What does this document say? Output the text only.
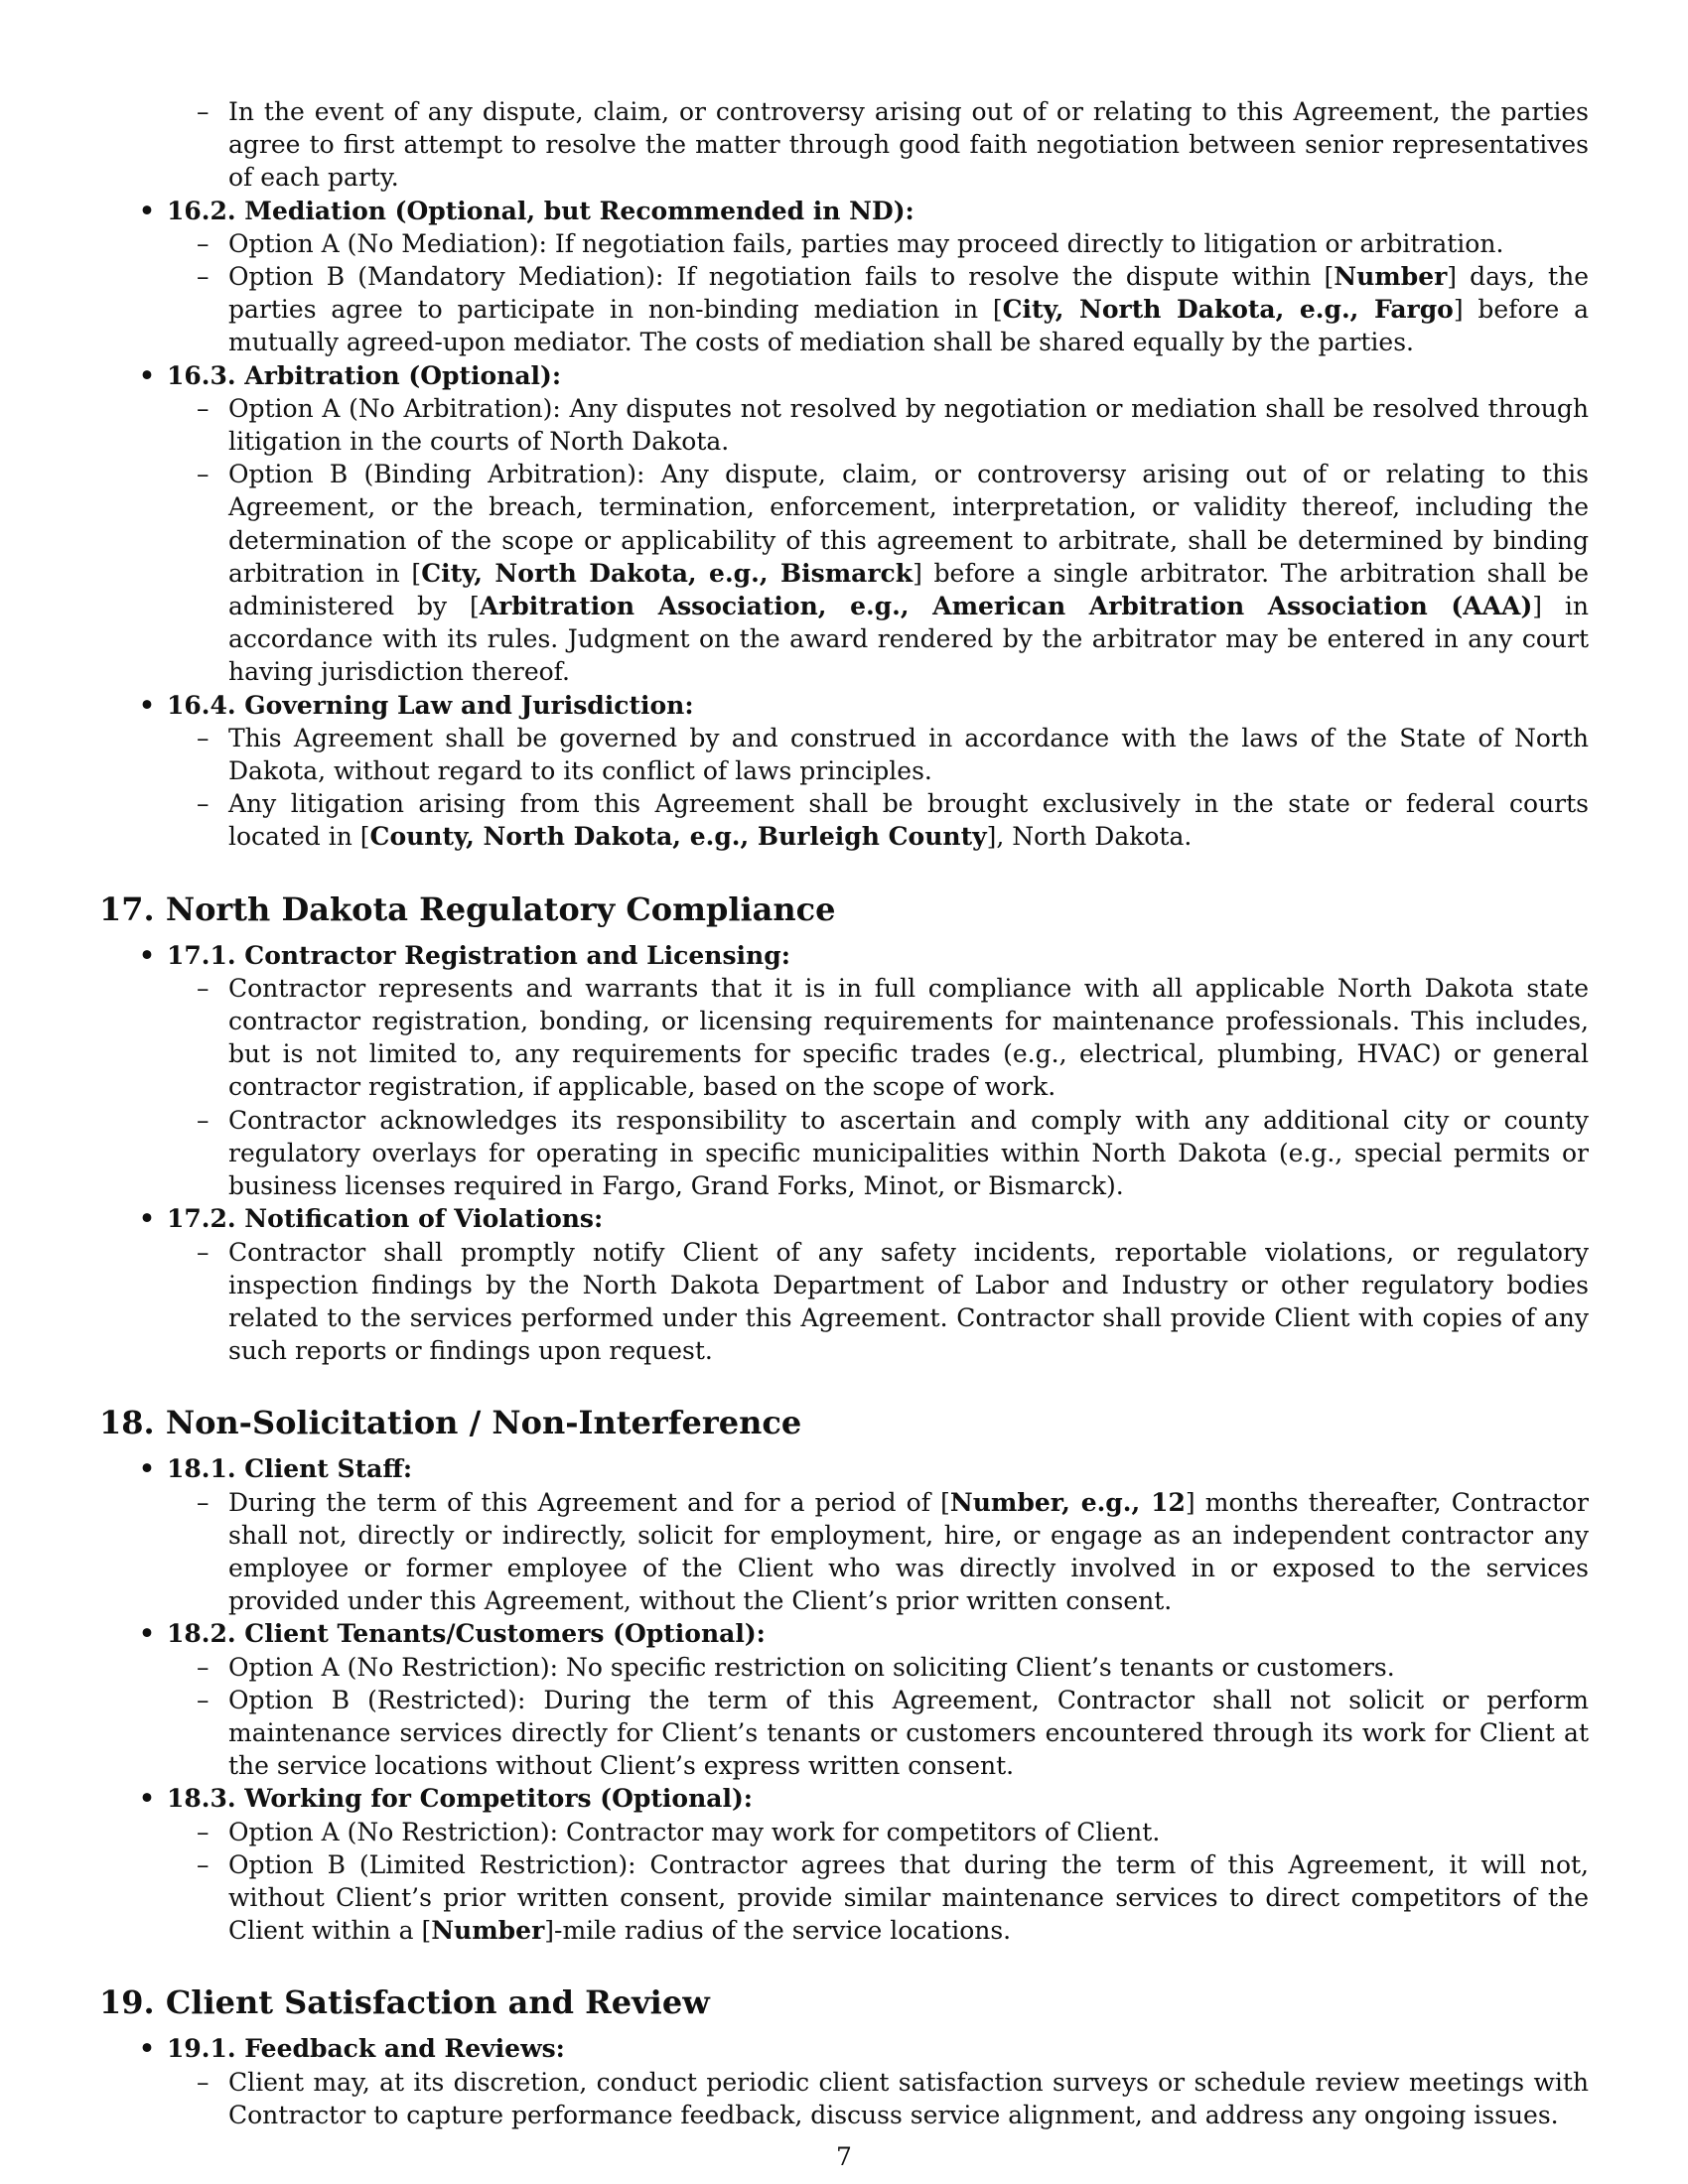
– In the event of any dispute, claim, or controversy arising out of or relating to this Agreement, the parties agree to first attempt to resolve the matter through good faith negotiation between senior representatives of each party.
• 16.2. Mediation (Optional, but Recommended in ND):
– Option A (No Mediation): If negotiation fails, parties may proceed directly to litigation or arbitration.
– Option B (Mandatory Mediation): If negotiation fails to resolve the dispute within [Number] days, the parties agree to participate in non-binding mediation in [City, North Dakota, e.g., Fargo] before a mutually agreed-upon mediator. The costs of mediation shall be shared equally by the parties.
• 16.3. Arbitration (Optional):
– Option A (No Arbitration): Any disputes not resolved by negotiation or mediation shall be resolved through litigation in the courts of North Dakota.
– Option B (Binding Arbitration): Any dispute, claim, or controversy arising out of or relating to this Agreement, or the breach, termination, enforcement, interpretation, or validity thereof, including the determination of the scope or applicability of this agreement to arbitrate, shall be determined by binding arbitration in [City, North Dakota, e.g., Bismarck] before a single arbitrator. The arbitration shall be administered by [Arbitration Association, e.g., American Arbitration Association (AAA)] in accordance with its rules. Judgment on the award rendered by the arbitrator may be entered in any court having jurisdiction thereof.
• 16.4. Governing Law and Jurisdiction:
– This Agreement shall be governed by and construed in accordance with the laws of the State of North Dakota, without regard to its conflict of laws principles.
– Any litigation arising from this Agreement shall be brought exclusively in the state or federal courts located in [County, North Dakota, e.g., Burleigh County], North Dakota.
17. North Dakota Regulatory Compliance
• 17.1. Contractor Registration and Licensing:
– Contractor represents and warrants that it is in full compliance with all applicable North Dakota state contractor registration, bonding, or licensing requirements for maintenance professionals. This includes, but is not limited to, any requirements for specific trades (e.g., electrical, plumbing, HVAC) or general contractor registration, if applicable, based on the scope of work.
– Contractor acknowledges its responsibility to ascertain and comply with any additional city or county regulatory overlays for operating in specific municipalities within North Dakota (e.g., special permits or business licenses required in Fargo, Grand Forks, Minot, or Bismarck).
• 17.2. Notification of Violations:
– Contractor shall promptly notify Client of any safety incidents, reportable violations, or regulatory inspection findings by the North Dakota Department of Labor and Industry or other regulatory bodies related to the services performed under this Agreement. Contractor shall provide Client with copies of any such reports or findings upon request.
18. Non-Solicitation / Non-Interference
• 18.1. Client Staff:
– During the term of this Agreement and for a period of [Number, e.g., 12] months thereafter, Contractor shall not, directly or indirectly, solicit for employment, hire, or engage as an independent contractor any employee or former employee of the Client who was directly involved in or exposed to the services provided under this Agreement, without the Client’s prior written consent.
• 18.2. Client Tenants/Customers (Optional):
– Option A (No Restriction): No specific restriction on soliciting Client’s tenants or customers.
– Option B (Restricted): During the term of this Agreement, Contractor shall not solicit or perform maintenance services directly for Client’s tenants or customers encountered through its work for Client at the service locations without Client’s express written consent.
• 18.3. Working for Competitors (Optional):
– Option A (No Restriction): Contractor may work for competitors of Client.
– Option B (Limited Restriction): Contractor agrees that during the term of this Agreement, it will not, without Client’s prior written consent, provide similar maintenance services to direct competitors of the Client within a [Number]-mile radius of the service locations.
19. Client Satisfaction and Review
• 19.1. Feedback and Reviews:
– Client may, at its discretion, conduct periodic client satisfaction surveys or schedule review meetings with Contractor to capture performance feedback, discuss service alignment, and address any ongoing issues.
7
